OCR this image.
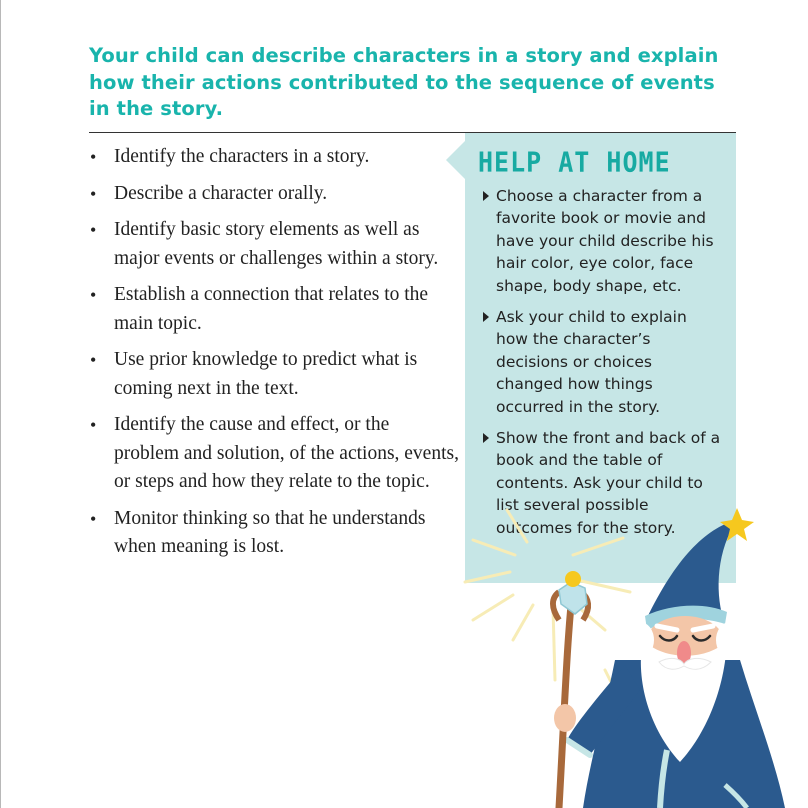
Your child can describe characters in a story and explain how their actions contributed to the sequence of events in the story.
• Identify the characters in a story.
• Describe a character orally.
• Identify basic story elements as well as major events or challenges within a story.
• Establish a connection that relates to the main topic.
• Use prior knowledge to predict what is coming next in the text.
• Identify the cause and effect, or the problem and solution, of the actions, events, or steps and how they relate to the topic.
• Monitor thinking so that he understands when meaning is lost.
HELP AT HOME
Choose a character from a favorite book or movie and have your child describe his hair color, eye color, face shape, body shape, etc.
Ask your child to explain how the character’s decisions or choices changed how things occurred in the story.
Show the front and back of a book and the table of contents. Ask your child to list several possible outcomes for the story.
